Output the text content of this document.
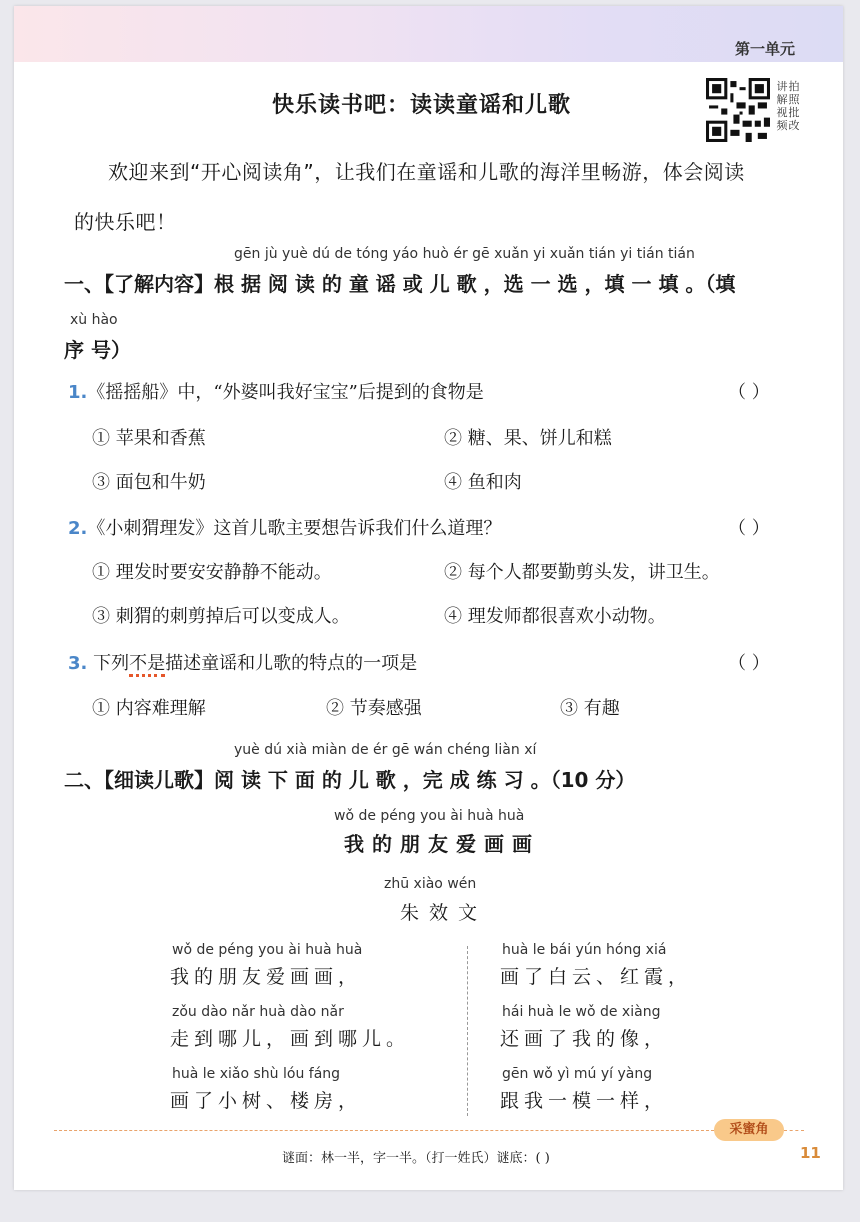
第一单元
快乐读书吧：读读童谣和儿歌
讲拍解照视批频改
欢迎来到“开心阅读角”，让我们在童谣和儿歌的海洋里畅游，体会阅读
的快乐吧！
gēn jù yuè dú de tóng yáo huò ér gē xuǎn yi xuǎn tián yi tián tián
一、【了解内容】根 据 阅 读 的 童 谣 或 儿 歌 ，选 一 选 ，填 一 填 。（填
xù hào
序 号）
1.《摇摇船》中，“外婆叫我好宝宝”后提到的食物是	（ ）
① 苹果和香蕉	② 糖、果、饼儿和糕
③ 面包和牛奶	④ 鱼和肉
2.《小刺猬理发》这首儿歌主要想告诉我们什么道理？	（ ）
① 理发时要安安静静不能动。	② 每个人都要勤剪头发，讲卫生。
③ 刺猬的刺剪掉后可以变成人。	④ 理发师都很喜欢小动物。
3. 下列不是描述童谣和儿歌的特点的一项是	（ ）
① 内容难理解	② 节奏感强	③ 有趣
yuè dú xià miàn de ér gē wán chéng liàn xí
二、【细读儿歌】阅 读 下 面 的 儿 歌 ，完 成 练 习 。（10 分）
wǒ de péng you ài huà huà
我的朋友爱画画
zhū xiào wén
朱效文
wǒ de péng you ài huà huà
我的朋友爱画画，
zǒu dào nǎr huà dào nǎr
走到哪儿，画到哪儿。
huà le xiǎo shù lóu fáng
画了小树、楼房，
huà le bái yún hóng xiá
画了白云、红霞，
hái huà le wǒ de xiàng
还画了我的像，
gēn wǒ yì mú yí yàng
跟我一模一样，
采蜜角
谜面：林一半，字一半。（打一姓氏）谜底：( )	11
